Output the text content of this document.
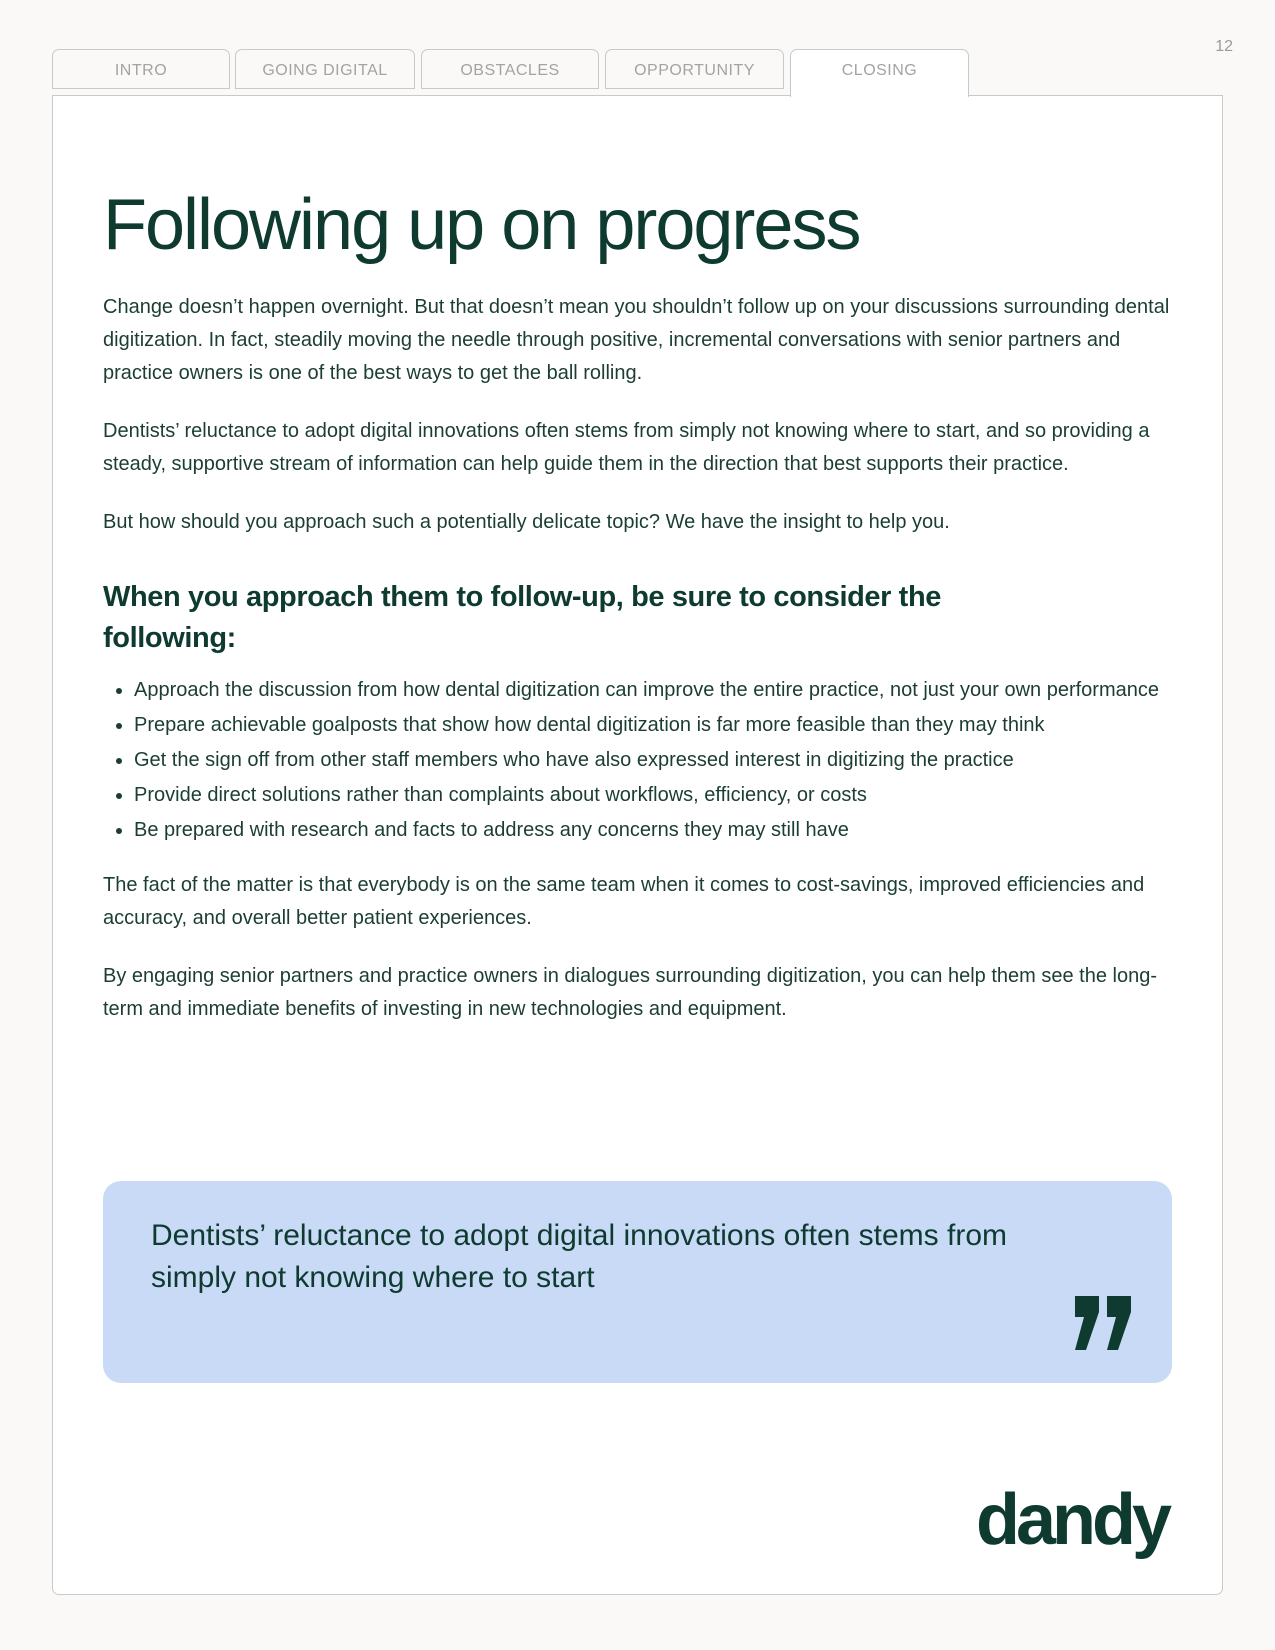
12
INTRO	GOING DIGITAL	OBSTACLES	OPPORTUNITY	CLOSING
Following up on progress

Change doesn’t happen overnight. But that doesn’t mean you shouldn’t follow up on your discussions surrounding dental digitization. In fact, steadily moving the needle through positive, incremental conversations with senior partners and practice owners is one of the best ways to get the ball rolling.

Dentists’ reluctance to adopt digital innovations often stems from simply not knowing where to start, and so providing a steady, supportive stream of information can help guide them in the direction that best supports their practice.

But how should you approach such a potentially delicate topic? We have the insight to help you.

When you approach them to follow-up, be sure to consider the following:
• Approach the discussion from how dental digitization can improve the entire practice, not just your own performance
• Prepare achievable goalposts that show how dental digitization is far more feasible than they may think
• Get the sign off from other staff members who have also expressed interest in digitizing the practice
• Provide direct solutions rather than complaints about workflows, efficiency, or costs
• Be prepared with research and facts to address any concerns they may still have

The fact of the matter is that everybody is on the same team when it comes to cost-savings, improved efficiencies and accuracy, and overall better patient experiences.

By engaging senior partners and practice owners in dialogues surrounding digitization, you can help them see the long-term and immediate benefits of investing in new technologies and equipment.

Dentists’ reluctance to adopt digital innovations often stems from simply not knowing where to start
dandy
